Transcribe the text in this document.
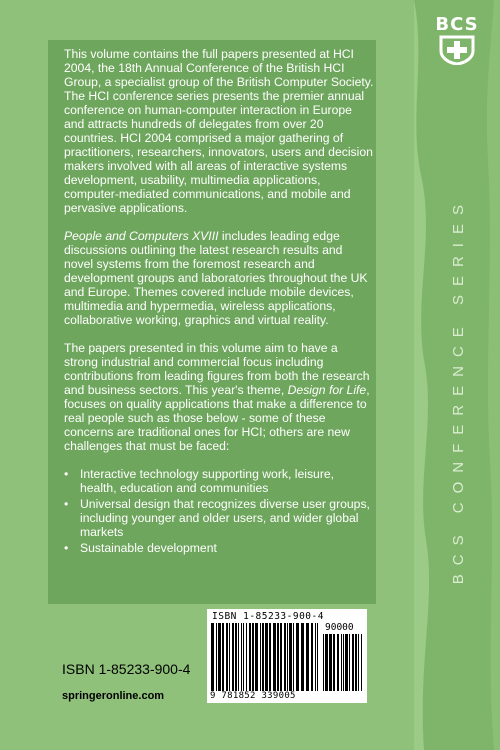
BCS
BCS CONFERENCE SERIES

This volume contains the full papers presented at HCI 2004, the 18th Annual Conference of the British HCI Group, a specialist group of the British Computer Society. The HCI conference series presents the premier annual conference on human-computer interaction in Europe and attracts hundreds of delegates from over 20 countries. HCI 2004 comprised a major gathering of practitioners, researchers, innovators, users and decision makers involved with all areas of interactive systems development, usability, multimedia applications, computer-mediated communications, and mobile and pervasive applications.

People and Computers XVIII includes leading edge discussions outlining the latest research results and novel systems from the foremost research and development groups and laboratories throughout the UK and Europe. Themes covered include mobile devices, multimedia and hypermedia, wireless applications, collaborative working, graphics and virtual reality.

The papers presented in this volume aim to have a strong industrial and commercial focus including contributions from leading figures from both the research and business sectors. This year's theme, Design for Life, focuses on quality applications that make a difference to real people such as those below - some of these concerns are traditional ones for HCI; others are new challenges that must be faced:

• Interactive technology supporting work, leisure, health, education and communities
• Universal design that recognizes diverse user groups, including younger and older users, and wider global markets
• Sustainable development
ISBN 1-85233-900-4
90000
9 781852 339005
ISBN 1-85233-900-4
springeronline.com
